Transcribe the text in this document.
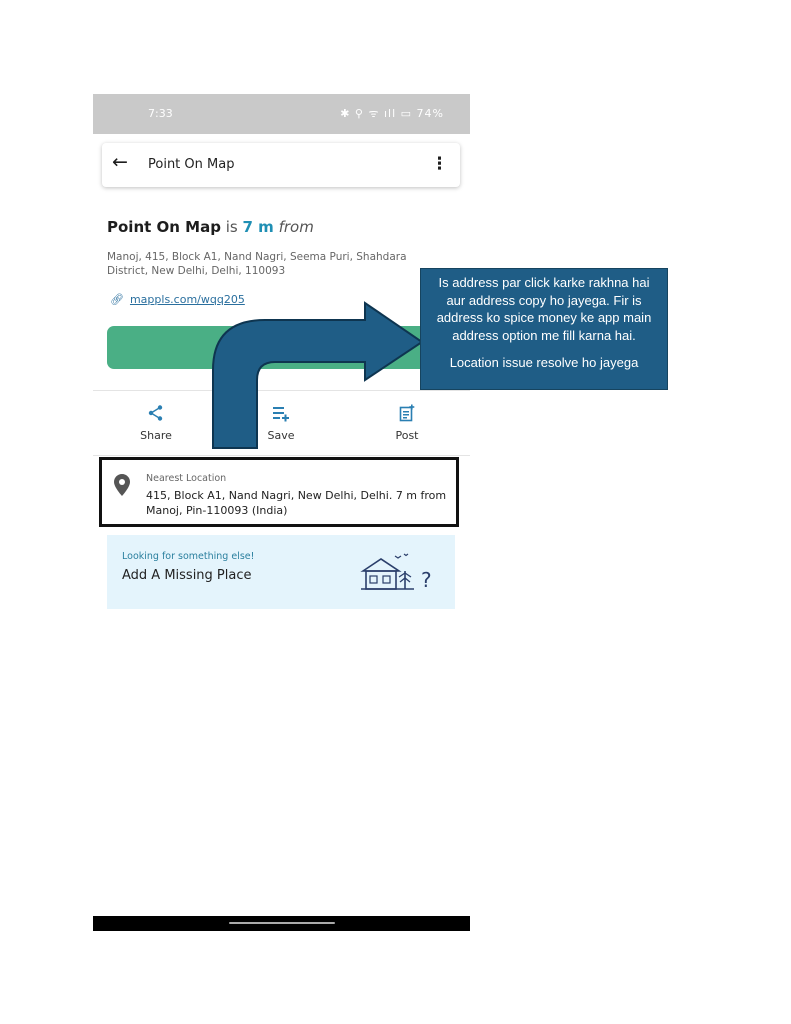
7:33	✱ ⚲ ᯤ ıll ▭ 74%
← Point On Map	⋮
Point On Map is 7 m from
Manoj, 415, Block A1, Nand Nagri, Seema Puri, Shahdara District, New Delhi, Delhi, 110093
🔗︎ mappls.com/wqq205
Share	Save	Post
Nearest Location
415, Block A1, Nand Nagri, New Delhi, Delhi. 7 m from Manoj, Pin-110093 (India)
Looking for something else!
Add A Missing Place	?

Is address par click karke rakhna hai aur address copy ho jayega. Fir is address ko spice money ke app main address option me fill karna hai.

Location issue resolve ho jayega
